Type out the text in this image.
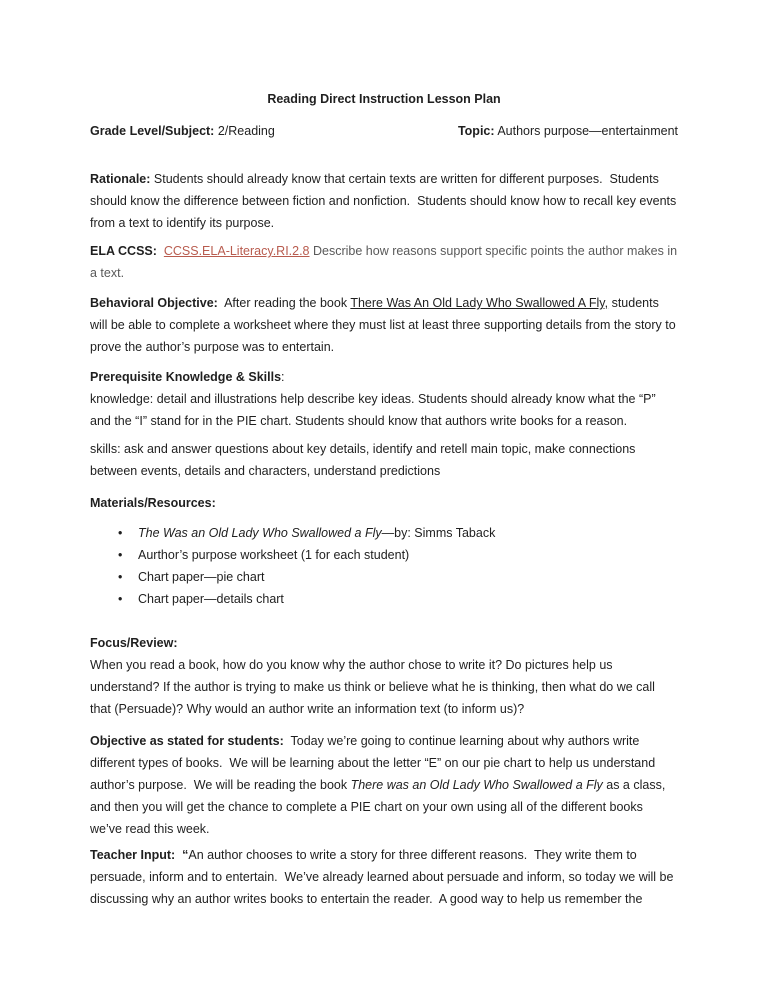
Reading Direct Instruction Lesson Plan

Grade Level/Subject: 2/Reading	Topic: Authors purpose—entertainment

Rationale: Students should already know that certain texts are written for different purposes.  Students should know the difference between fiction and nonfiction.  Students should know how to recall key events from a text to identify its purpose.

ELA CCSS:  CCSS.ELA-Literacy.RI.2.8 Describe how reasons support specific points the author makes in a text.

Behavioral Objective:  After reading the book There Was An Old Lady Who Swallowed A Fly, students will be able to complete a worksheet where they must list at least three supporting details from the story to prove the author’s purpose was to entertain.

Prerequisite Knowledge & Skills:

knowledge: detail and illustrations help describe key ideas. Students should already know what the “P” and the “I” stand for in the PIE chart. Students should know that authors write books for a reason.

skills: ask and answer questions about key details, identify and retell main topic, make connections between events, details and characters, understand predictions

Materials/Resources:

•	The Was an Old Lady Who Swallowed a Fly—by: Simms Taback
•	Aurthor’s purpose worksheet (1 for each student)
•	Chart paper—pie chart
•	Chart paper—details chart

Focus/Review:

When you read a book, how do you know why the author chose to write it? Do pictures help us understand? If the author is trying to make us think or believe what he is thinking, then what do we call that (Persuade)? Why would an author write an information text (to inform us)?

Objective as stated for students:  Today we’re going to continue learning about why authors write different types of books.  We will be learning about the letter “E” on our pie chart to help us understand author’s purpose.  We will be reading the book There was an Old Lady Who Swallowed a Fly as a class, and then you will get the chance to complete a PIE chart on your own using all of the different books we’ve read this week.

Teacher Input:  “An author chooses to write a story for three different reasons.  They write them to persuade, inform and to entertain.  We’ve already learned about persuade and inform, so today we will be discussing why an author writes books to entertain the reader.  A good way to help us remember the
